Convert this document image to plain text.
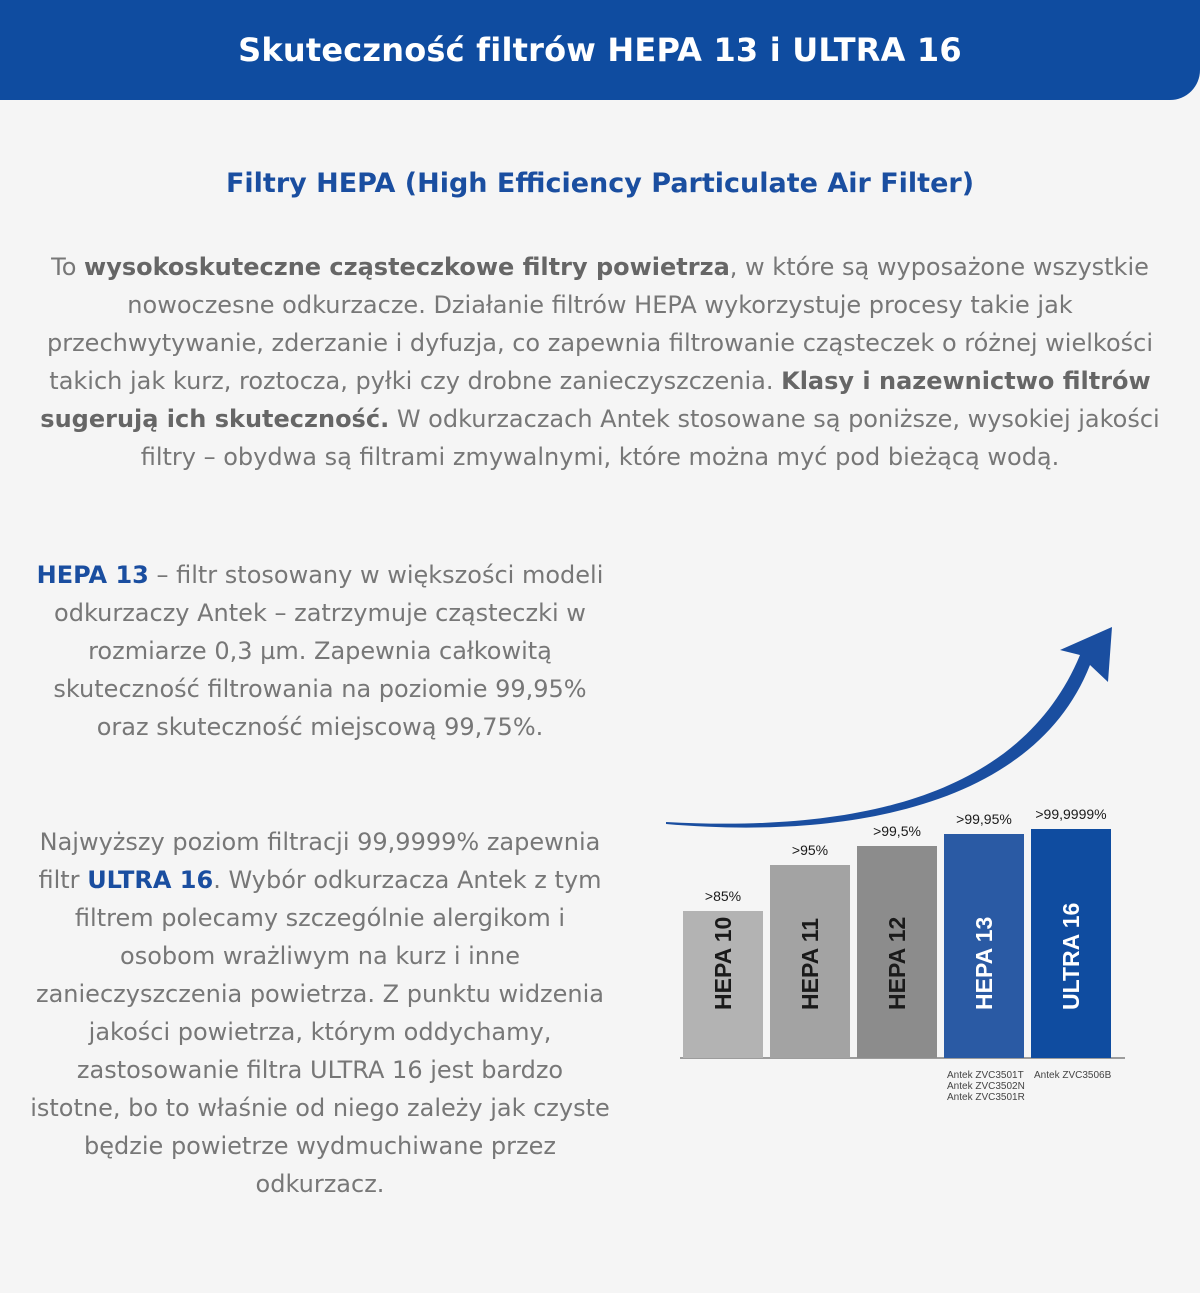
Skuteczność filtrów HEPA 13 i ULTRA 16
Filtry HEPA (High Efficiency Particulate Air Filter)

To wysokoskuteczne cząsteczkowe filtry powietrza, w które są wyposażone wszystkie nowoczesne odkurzacze. Działanie filtrów HEPA wykorzystuje procesy takie jak przechwytywanie, zderzanie i dyfuzja, co zapewnia filtrowanie cząsteczek o różnej wielkości takich jak kurz, roztocza, pyłki czy drobne zanieczyszczenia. Klasy i nazewnictwo filtrów sugerują ich skuteczność. W odkurzaczach Antek stosowane są poniższe, wysokiej jakości filtry – obydwa są filtrami zmywalnymi, które można myć pod bieżącą wodą.

HEPA 13 – filtr stosowany w większości modeli odkurzaczy Antek – zatrzymuje cząsteczki w rozmiarze 0,3 µm. Zapewnia całkowitą skuteczność filtrowania na poziomie 99,95% oraz skuteczność miejscową 99,75%.

Najwyższy poziom filtracji 99,9999% zapewnia filtr ULTRA 16. Wybór odkurzacza Antek z tym filtrem polecamy szczególnie alergikom i osobom wrażliwym na kurz i inne zanieczyszczenia powietrza. Z punktu widzenia jakości powietrza, którym oddychamy, zastosowanie filtra ULTRA 16 jest bardzo istotne, bo to właśnie od niego zależy jak czyste będzie powietrze wydmuchiwane przez odkurzacz.

>85%
HEPA 10
>95%
HEPA 11
>99,5%
HEPA 12
>99,95%
HEPA 13
Antek ZVC3501T
Antek ZVC3502N
Antek ZVC3501R
>99,9999%
ULTRA 16
Antek ZVC3506B
